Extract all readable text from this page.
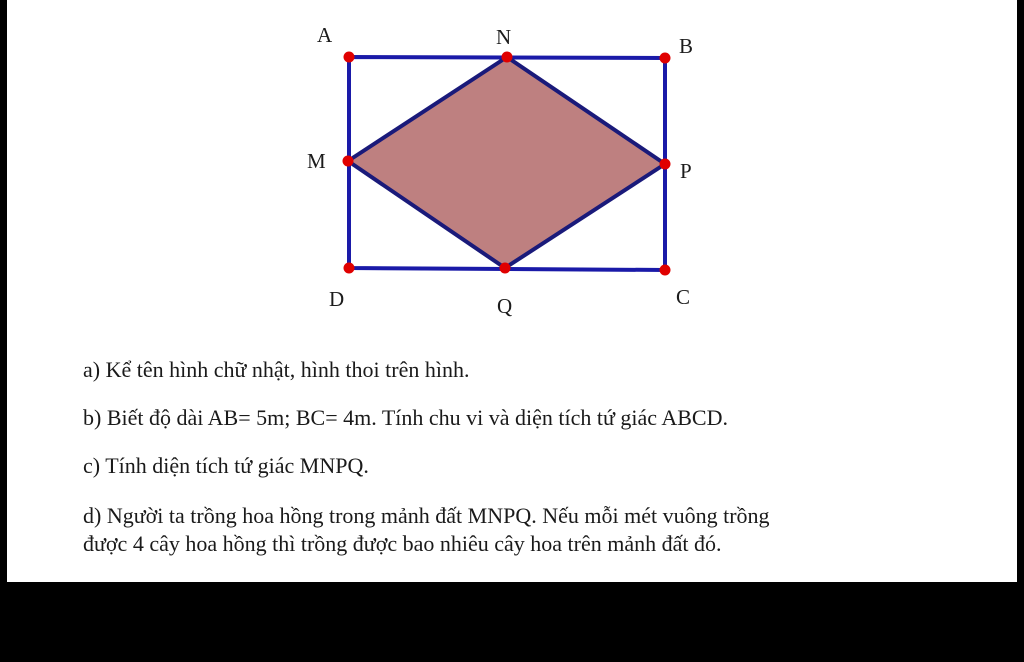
A	N	B
M	P
D	Q	C

a) Kể tên hình chữ nhật, hình thoi trên hình.

b) Biết độ dài AB= 5m; BC= 4m. Tính chu vi và diện tích tứ giác ABCD.

c) Tính diện tích tứ giác MNPQ.

d) Người ta trồng hoa hồng trong mảnh đất MNPQ. Nếu mỗi mét vuông trồng
được 4 cây hoa hồng thì trồng được bao nhiêu cây hoa trên mảnh đất đó.
